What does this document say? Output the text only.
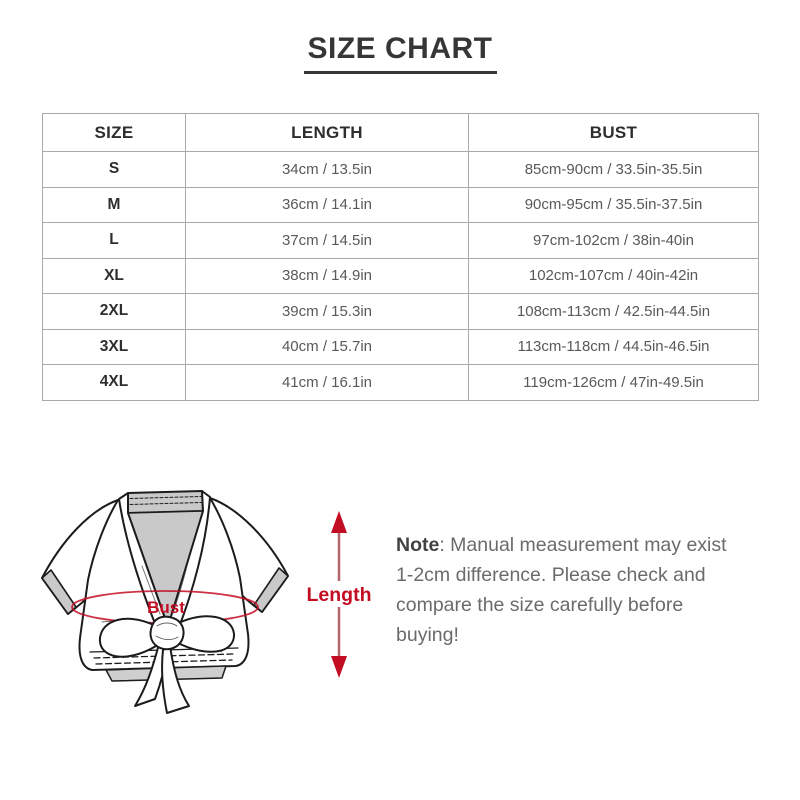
SIZE CHART
SIZE	LENGTH	BUST
S	34cm / 13.5in	85cm-90cm / 33.5in-35.5in
M	36cm / 14.1in	90cm-95cm / 35.5in-37.5in
L	37cm / 14.5in	97cm-102cm / 38in-40in
XL	38cm / 14.9in	102cm-107cm / 40in-42in
2XL	39cm / 15.3in	108cm-113cm / 42.5in-44.5in
3XL	40cm / 15.7in	113cm-118cm / 44.5in-46.5in
4XL	41cm / 16.1in	119cm-126cm / 47in-49.5in
Bust
Length

Note: Manual measurement may exist 1-2cm difference. Please check and compare the size carefully before buying!
